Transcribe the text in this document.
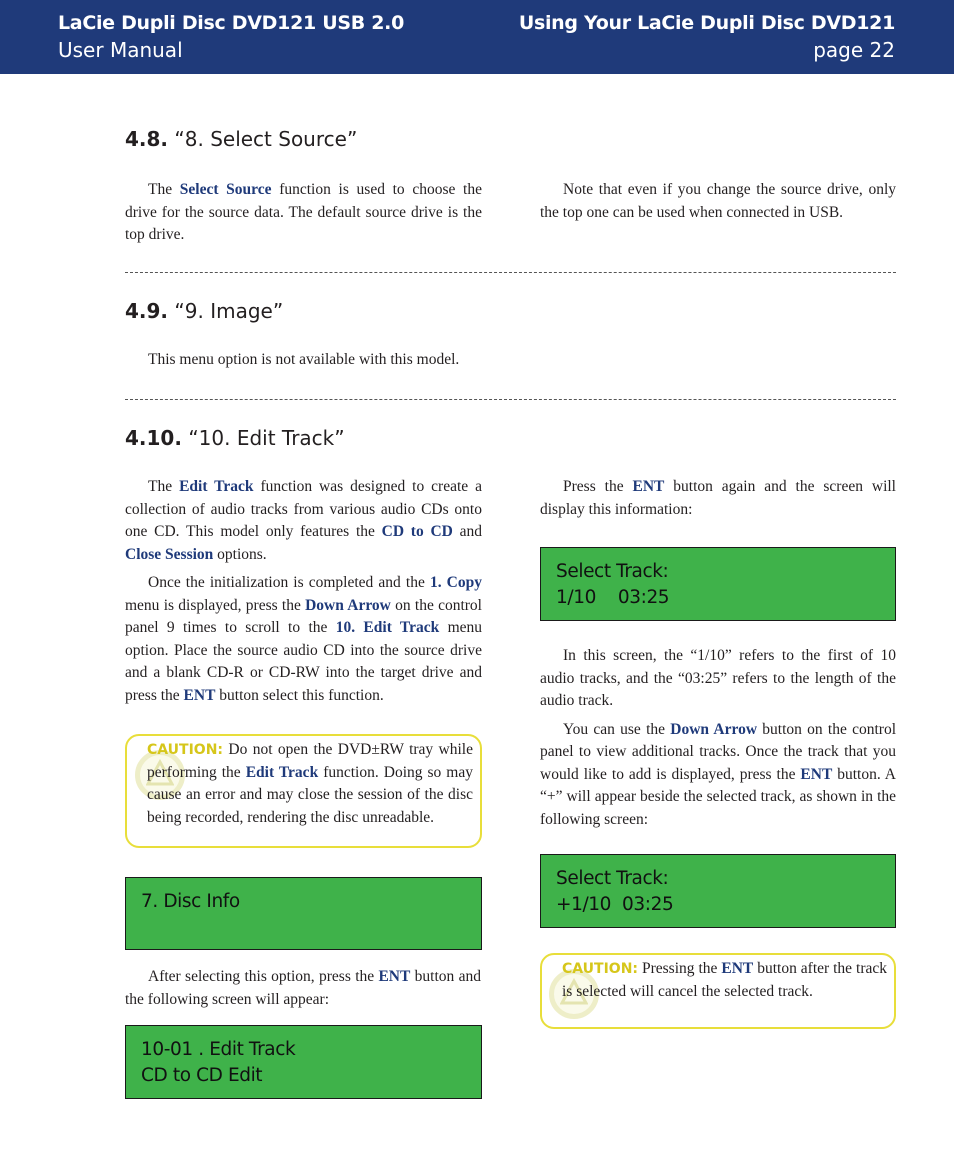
LaCie Dupli Disc DVD121 USB 2.0
User Manual
Using Your LaCie Dupli Disc DVD121
page 22
4.8. “8. Select Source”

The Select Source function is used to choose the drive for the source data. The default source drive is the top drive.

Note that even if you change the source drive, only the top one can be used when connected in USB.

4.9. “9. Image”

This menu option is not available with this model.

4.10. “10. Edit Track”

The Edit Track function was designed to create a collection of audio tracks from various audio CDs onto one CD. This model only features the CD to CD and Close Session options.

Once the initialization is completed and the 1. Copy menu is displayed, press the Down Arrow on the control panel 9 times to scroll to the 10. Edit Track menu option. Place the source audio CD into the source drive and a blank CD-R or CD-RW into the target drive and press the ENT button select this function.

CAUTION: Do not open the DVD±RW tray while performing the Edit Track function. Doing so may cause an error and may close the session of the disc being recorded, rendering the disc unreadable.
7. Disc Info

After selecting this option, press the ENT button and the following screen will appear:

10-01 . Edit Track
CD to CD Edit

Press the ENT button again and the screen will display this information:

Select Track:
1/10    03:25

In this screen, the “1/10” refers to the first of 10 audio tracks, and the “03:25” refers to the length of the audio track.

You can use the Down Arrow button on the control panel to view additional tracks. Once the track that you would like to add is displayed, press the ENT button. A “+” will appear beside the selected track, as shown in the following screen:

Select Track:
+1/10  03:25
CAUTION: Pressing the ENT button after the track is selected will cancel the selected track.
